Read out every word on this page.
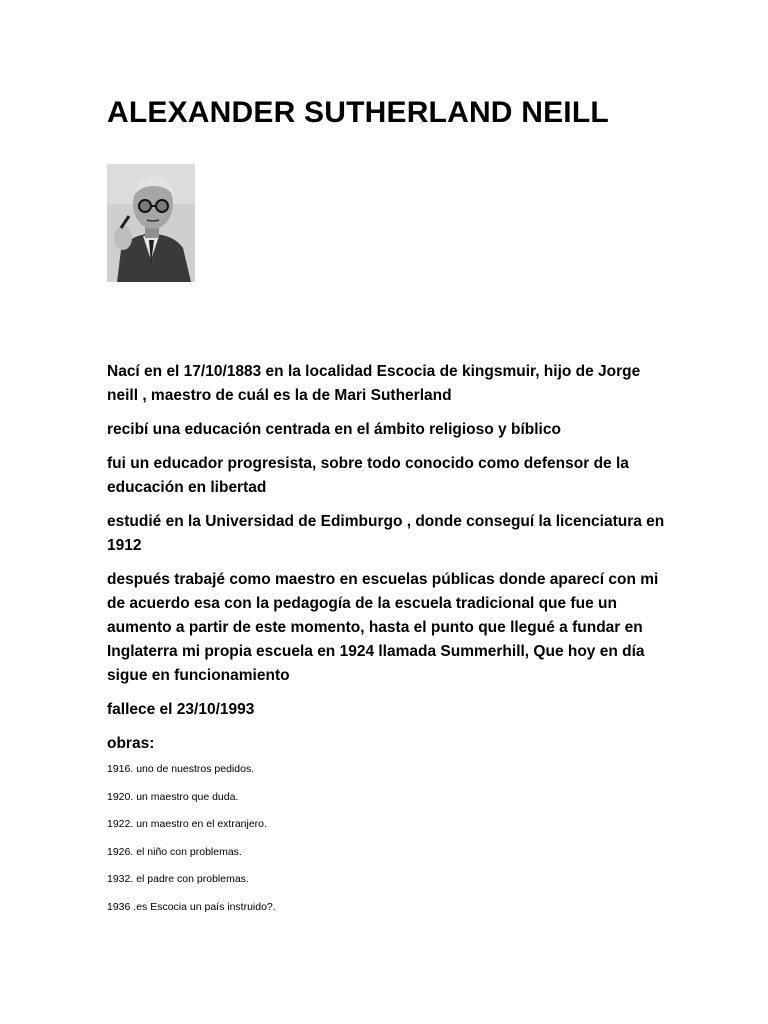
ALEXANDER SUTHERLAND NEILL

Nací en el 17/10/1883 en la localidad Escocia de kingsmuir, hijo de Jorge neill , maestro de cuál es la de Mari Sutherland

recibí una educación centrada en el ámbito religioso y bíblico

fui un educador progresista, sobre todo conocido como defensor de la educación en libertad

estudié en la Universidad de Edimburgo , donde conseguí la licenciatura en 1912

después trabajé como maestro en escuelas públicas donde aparecí con mi de acuerdo esa con la pedagogía de la escuela tradicional que fue un aumento a partir de este momento, hasta el punto que llegué a fundar en Inglaterra mi propia escuela en 1924 llamada Summerhill, Que hoy en día sigue en funcionamiento

fallece el 23/10/1993

obras:

1916. uno de nuestros pedidos.
1920. un maestro que duda.
1922. un maestro en el extranjero.
1926. el niño con problemas.
1932. el padre con problemas.
1936 .es Escocia un país instruido?.
